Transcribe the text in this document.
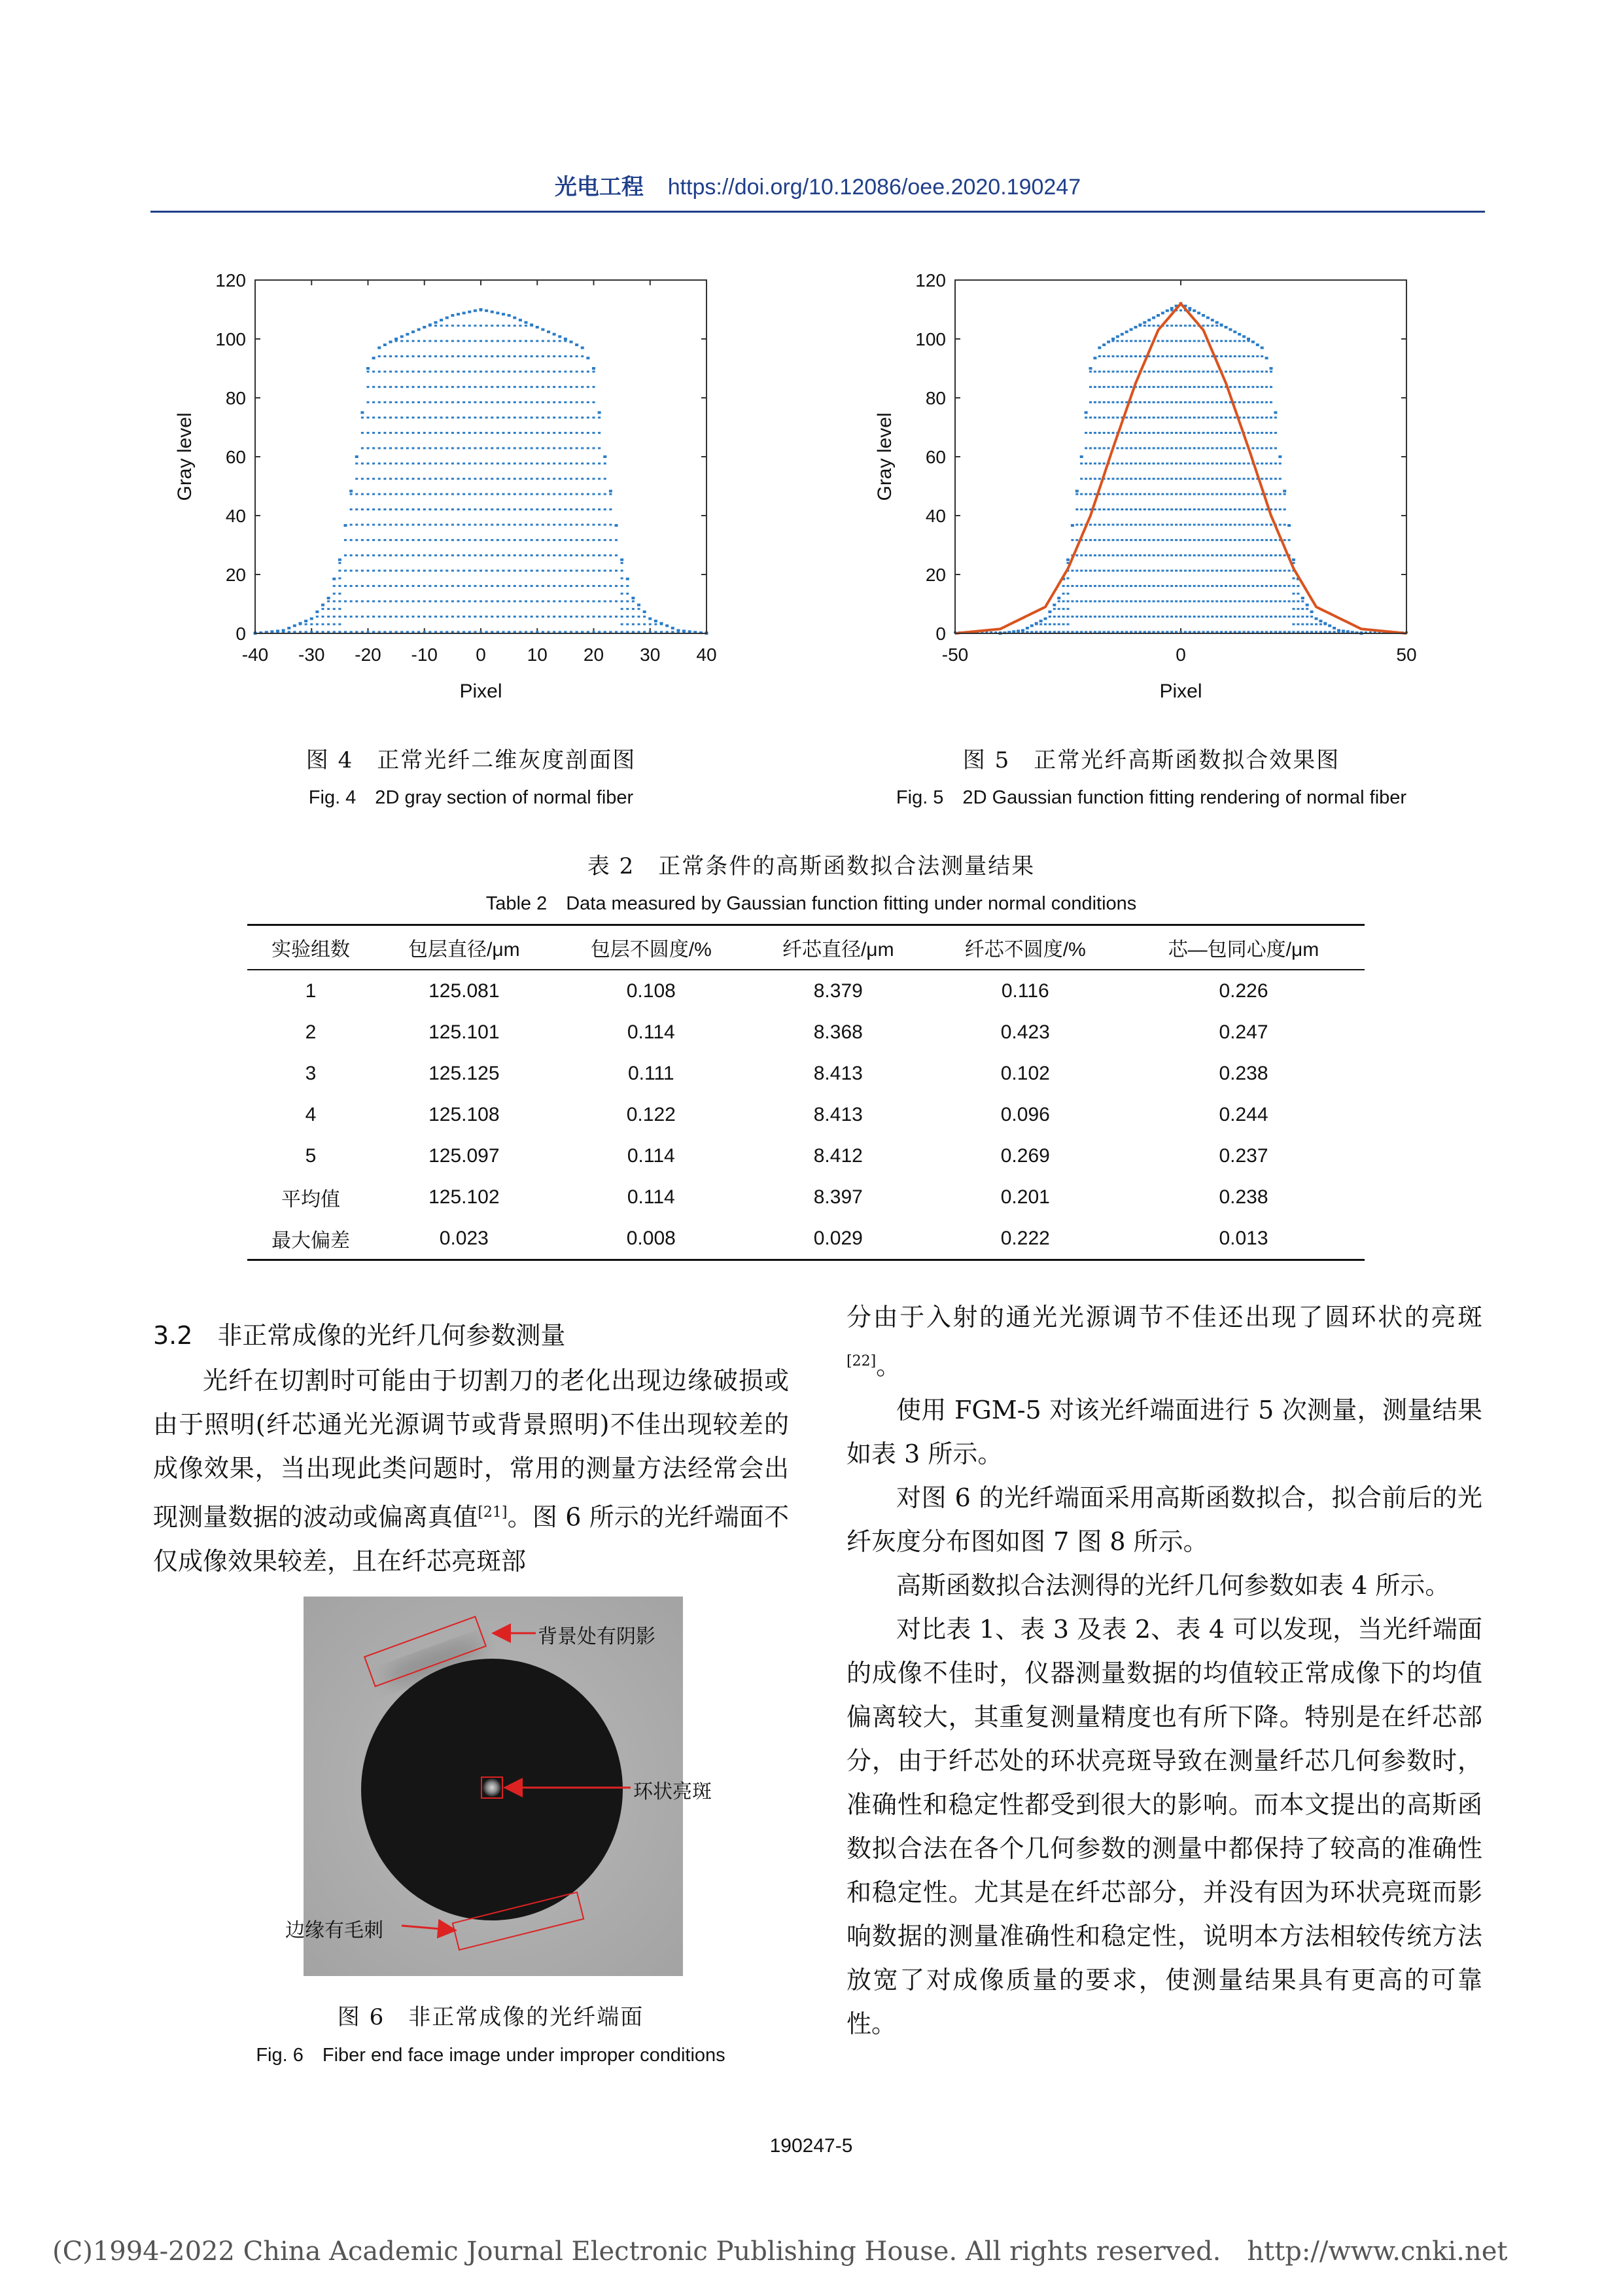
光电工程 https://doi.org/10.12086/oee.2020.190247
-40 -30 -20 -10 0 10 20 30 40
0
20
40
60
80
100
120
Pixel
Gray level
-50	0	50
0
20
40
60
80
100
120
Pixel
Gray level
图 4　正常光纤二维灰度剖面图
Fig. 4　2D gray section of normal fiber
图 5　正常光纤高斯函数拟合效果图
Fig. 5　2D Gaussian function fitting rendering of normal fiber
表 2　正常条件的高斯函数拟合法测量结果
Table 2　Data measured by Gaussian function fitting under normal conditions
实验组数	包层直径/μm	包层不圆度/%	纤芯直径/μm	纤芯不圆度/%	芯—包同心度/μm
1	125.081	0.108	8.379	0.116	0.226
2	125.101	0.114	8.368	0.423	0.247
3	125.125	0.111	8.413	0.102	0.238
4	125.108	0.122	8.413	0.096	0.244
5	125.097	0.114	8.412	0.269	0.237
平均值	125.102	0.114	8.397	0.201	0.238
最大偏差	0.023	0.008	0.029	0.222	0.013
3.2　非正常成像的光纤几何参数测量
光纤在切割时可能由于切割刀的老化出现边缘破损或由于照明(纤芯通光光源调节或背景照明)不佳出现较差的成像效果，当出现此类问题时，常用的测量方法经常会出现测量数据的波动或偏离真值[21]。图 6 所示的光纤端面不仅成像效果较差，且在纤芯亮斑部
背景处有阴影
环状亮斑
边缘有毛刺
图 6　非正常成像的光纤端面
Fig. 6　Fiber end face image under improper conditions
分由于入射的通光光源调节不佳还出现了圆环状的亮斑[22]。
使用 FGM-5 对该光纤端面进行 5 次测量，测量结果如表 3 所示。
对图 6 的光纤端面采用高斯函数拟合，拟合前后的光纤灰度分布图如图 7 图 8 所示。
高斯函数拟合法测得的光纤几何参数如表 4 所示。
对比表 1、表 3 及表 2、表 4 可以发现，当光纤端面的成像不佳时，仪器测量数据的均值较正常成像下的均值偏离较大，其重复测量精度也有所下降。特别是在纤芯部分，由于纤芯处的环状亮斑导致在测量纤芯几何参数时，准确性和稳定性都受到很大的影响。而本文提出的高斯函数拟合法在各个几何参数的测量中都保持了较高的准确性和稳定性。尤其是在纤芯部分，并没有因为环状亮斑而影响数据的测量准确性和稳定性，说明本方法相较传统方法放宽了对成像质量的要求，使测量结果具有更高的可靠性。
190247-5
(C)1994-2022 China Academic Journal Electronic Publishing House. All rights reserved. http://www.cnki.net
